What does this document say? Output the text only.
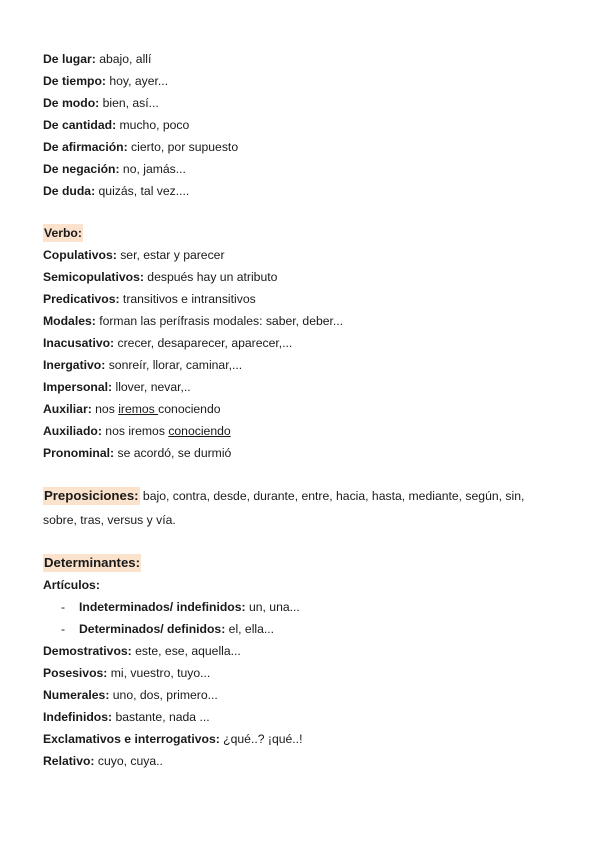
De lugar: abajo, allí
De tiempo: hoy, ayer...
De modo: bien, así...
De cantidad: mucho, poco
De afirmación: cierto, por supuesto
De negación: no, jamás...
De duda: quizás, tal vez....
Verbo:
Copulativos: ser, estar y parecer
Semicopulativos: después hay un atributo
Predicativos: transitivos e intransitivos
Modales: forman las perífrasis modales: saber, deber...
Inacusativo: crecer, desaparecer, aparecer,...
Inergativo: sonreír, llorar, caminar,...
Impersonal: llover, nevar,..
Auxiliar: nos iremos conociendo
Auxiliado: nos iremos conociendo
Pronominal: se acordó, se durmió
Preposiciones: bajo, contra, desde, durante, entre, hacia, hasta, mediante, según, sin, sobre, tras, versus y vía.
Determinantes:
Artículos:
- Indeterminados/ indefinidos: un, una...
- Determinados/ definidos: el, ella...
Demostrativos: este, ese, aquella...
Posesivos: mi, vuestro, tuyo...
Numerales: uno, dos, primero...
Indefinidos: bastante, nada ...
Exclamativos e interrogativos: ¿qué..? ¡qué..!
Relativo: cuyo, cuya..
